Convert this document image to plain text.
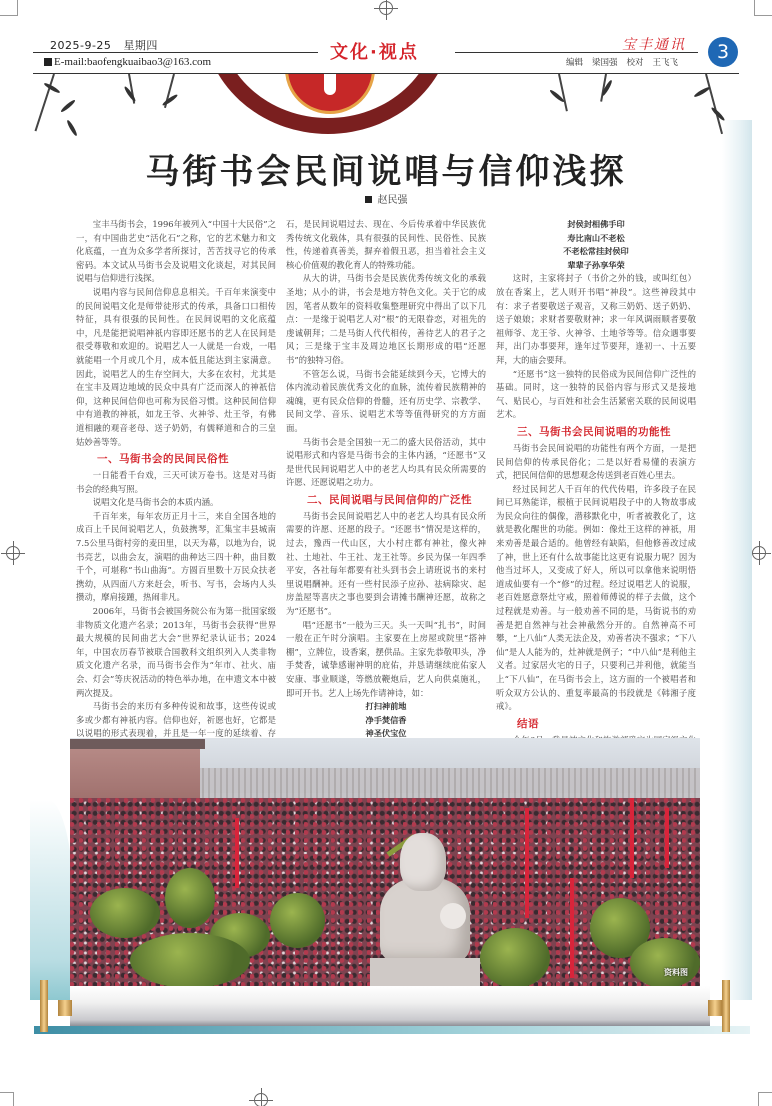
2025-9-25 星期四
E-mail:baofengkuaibao3@163.com	文化·视点	宝丰通讯
编辑 梁国强 校对 王飞飞	3
马街书会民间说唱与信仰浅探
赵民强

宝丰马街书会，1996年被列入“中国十大民俗”之一，有中国曲艺史“活化石”之称，它的艺术魅力和文化底蕴，一直为众多学者所探讨，苦苦找寻它的传承密码。本文试从马街书会及说唱文化谈起，对其民间说唱与信仰进行浅探。

说唱内容与民间信仰息息相关。千百年来演变中的民间说唱文化是师带徒形式的传承，具备口口相传特征，具有很强的民间性。在民间说唱的文化底蕴中，凡是能把说唱神祇内容即还愿书的艺人在民间是很受尊敬和欢迎的。说唱艺人一人就是一台戏，一唱就能唱一个月或几个月，成本低且能达到主家满意。因此，说唱艺人的生存空间大，大多在农村，尤其是在宝丰及周边地域的民众中具有广泛而深人的神祇信仰，这种民间信仰也可称为民俗习惯。这种民间信仰中有道教的神祇，如龙王爷、火神爷、灶王爷，有佛道相融的观音老母、送子奶奶，有儒释道和合的三皇姑妙善等等。

一、马街书会的民间民俗性

一日能看千台戏，三天可读万卷书。这是对马街书会的经典写照。

说唱文化是马街书会的本质内涵。

千百年来，每年农历正月十三，来自全国各地的成百上千民间说唱艺人，负鼓携琴，汇集宝丰县城南7.5公里马街村旁的麦田里，以天为幕，以地为台，说书亮艺，以曲会友，演唱的曲种达三四十种，曲目数千个，可堪称“书山曲海”。方圆百里数十万民众扶老携幼，从四面八方来赶会，听书、写书，会场内人头攒动，摩肩接踵，热闹非凡。

2006年，马街书会被国务院公布为第一批国家级非物质文化遗产名录；2013年，马街书会获得“世界最大规模的民间曲艺大会”世界纪录认证书；2024年，中国农历春节被联合国教科文组织列入人类非物质文化遗产名录，而马街书会作为“年市、社火、庙会、灯会”等庆祝活动的特色举办地，在申遗文本中被两次提及。

马街书会的来历有多种传说和故事，这些传说或多或少都有神祇内容。信仰也好，祈愿也好，它都是以说唱的形式表现着，并且是一年一度的延续着、存

石，是民间说唱过去、现在、今后传承着中华民族优秀传统文化载体，具有很强的民间性、民俗性、民族性，传递着真善美，摒弃着假丑恶，担当着社会主义核心价值观的教化育人的特殊功能。

从大的讲，马街书会是民族优秀传统文化的承载圣地；从小的讲，书会是地方特色文化。关于它的成因，笔者从数年的资料收集整理研究中得出了以下几点：一是缘于说唱艺人对“根”的无限眷恋，对祖先的虔诚朝拜；二是马街人代代相传，善待艺人的君子之风；三是缘于宝丰及周边地区长期形成的唱“还愿书”的独特习俗。

不管怎么说，马街书会能延续到今天，它博大的体内流动着民族优秀文化的血脉，流传着民族精神的魂魄，更有民众信仰的骨髓，还有历史学、宗教学、民间文学、音乐、说唱艺术等等值得研究的方方面面。

马街书会是全国独一无二的盛大民俗活动，其中说唱形式和内容是马街书会的主体内涵，“还愿书”又是世代民间说唱艺人中的老艺人均具有民众所需要的许愿、还愿说唱之功力。

二、民间说唱与民间信仰的广泛性

马街书会民间说唱艺人中的老艺人均具有民众所需要的许愿、还愿的段子。“还愿书”情况是这样的，过去，豫西一代山区，大小村庄都有神社，像火神社、土地社、牛王社、龙王社等。乡民为保一年四季平安，各社每年都要有社头到书会上请班说书的来村里说唱酬神。还有一些村民添子应孙、祛病除灾、起房盖屋等喜庆之事也要到会请摊书酬神还愿，故称之为“还愿书”。

唱“还愿书”一般为三天。头一天叫“扎书”，时间一般在正午时分演唱。主家要在上房屋或院里“搭神棚”，立牌位，设香案，摆供品。主家先恭敬叩头，净手焚香，诚挚感谢神明的庇佑，并恳请继续庇佑家人安康、事业顺遂，等燃放鞭炮后，艺人向供桌施礼，即可开书。艺人上场先作请神诗，如：

打扫神前地

净手焚信香

神圣伏宝位

封侯封相佛手印

寿比南山不老松

不老松常挂封侯印

辈辈子孙享华荣

这时，主家将封子（书价之外的钱，或叫红包）放在香案上，艺人则开书唱“神段”。这些神段其中有：求子者要敬送子观音，又称三奶奶、送子奶奶、送子娘娘；求财者要敬财神；求一年风调雨顺者要敬祖师爷、龙王爷、火神爷、土地爷等等。信众遇事要拜，出门办事要拜，逢年过节要拜，逢初一、十五要拜，大的庙会要拜。

“还愿书”这一独特的民俗成为民间信仰广泛性的基础。同时，这一独特的民俗内容与形式又是接地气、贴民心，与百姓和社会生活紧密关联的民间说唱艺术。

三、马街书会民间说唱的功能性

马街书会民间说唱的功能性有两个方面，一是把民间信仰的传承民俗化；二是以好看易懂的表演方式，把民间信仰的思想观念传送到老百姓心里去。

经过民间艺人千百年的代代传唱，许多段子在民间已耳熟能详，根植于民间说唱段子中的人物故事成为民众向往的偶像，潜移默化中，听者被教化了，这就是教化醒世的功能。例如：像灶王这样的神祇，用来劝善是最合适的。他曾经有缺陷，但他修善改过成了神，世上还有什么故事能比这更有说服力呢？因为他当过坏人，又变成了好人，所以可以拿他来说明悟道成仙要有一个“修”的过程。经过说唱艺人的说服，老百姓愿意祭灶守戒，照着师傅说的样子去做，这个过程就是劝善。与一般劝善不同的是，马街说书的劝善是把自然神与社会神截然分开的。自然神高不可攀，“上八仙”人类无法企及，劝善者决不强求；“下八仙”是人人能为的，灶神就是例子；“中八仙”是利他主义者。过家居火宅的日子，只要利己并利他，就能当上“下八仙”，在马街书会上，这方面的一个被唱者和听众双方公认的、重复率最高的书段就是《韩湘子度戒》。

结语

资料图
